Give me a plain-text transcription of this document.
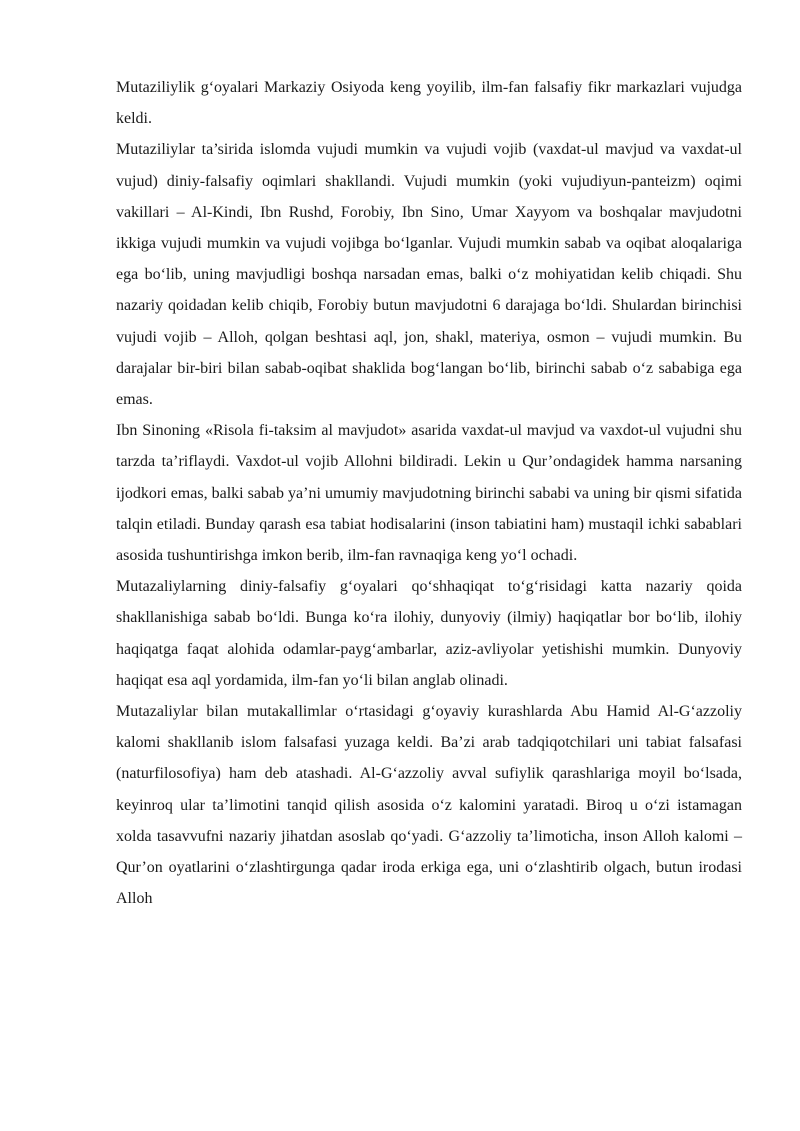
Mutaziliylik g‘oyalari Markaziy Osiyoda keng yoyilib, ilm-fan falsafiy fikr markazlari vujudga keldi.

Mutaziliylar ta’sirida islomda vujudi mumkin va vujudi vojib (vaxdat-ul mavjud va vaxdat-ul vujud) diniy-falsafiy oqimlari shakllandi. Vujudi mumkin (yoki vujudiyun-panteizm) oqimi vakillari – Al-Kindi, Ibn Rushd, Forobiy, Ibn Sino, Umar Xayyom va boshqalar mavjudotni ikkiga vujudi mumkin va vujudi vojibga bo‘lganlar. Vujudi mumkin sabab va oqibat aloqalariga ega bo‘lib, uning mavjudligi boshqa narsadan emas, balki o‘z mohiyatidan kelib chiqadi. Shu nazariy qoidadan kelib chiqib, Forobiy butun mavjudotni 6 darajaga bo‘ldi. Shulardan birinchisi vujudi vojib – Alloh, qolgan beshtasi aql, jon, shakl, materiya, osmon – vujudi mumkin. Bu darajalar bir-biri bilan sabab-oqibat shaklida bog‘langan bo‘lib, birinchi sabab o‘z sababiga ega emas.

Ibn Sinoning «Risola fi-taksim al mavjudot» asarida vaxdat-ul mavjud va vaxdot-ul vujudni shu tarzda ta’riflaydi. Vaxdot-ul vojib Allohni bildiradi. Lekin u Qur’ondagidek hamma narsaning ijodkori emas, balki sabab ya’ni umumiy mavjudotning birinchi sababi va uning bir qismi sifatida talqin etiladi. Bunday qarash esa tabiat hodisalarini (inson tabiatini ham) mustaqil ichki sabablari asosida tushuntirishga imkon berib, ilm-fan ravnaqiga keng yo‘l ochadi.

Mutazaliylarning diniy-falsafiy g‘oyalari qo‘shhaqiqat to‘g‘risidagi katta nazariy qoida shakllanishiga sabab bo‘ldi. Bunga ko‘ra ilohiy, dunyoviy (ilmiy) haqiqatlar bor bo‘lib, ilohiy haqiqatga faqat alohida odamlar-payg‘ambarlar, aziz-avliyolar yetishishi mumkin. Dunyoviy haqiqat esa aql yordamida, ilm-fan yo‘li bilan anglab olinadi.

Mutazaliylar bilan mutakallimlar o‘rtasidagi g‘oyaviy kurashlarda Abu Hamid Al-G‘azzoliy kalomi shakllanib islom falsafasi yuzaga keldi. Ba’zi arab tadqiqotchilari uni tabiat falsafasi (naturfilosofiya) ham deb atashadi. Al-G‘azzoliy avval sufiylik qarashlariga moyil bo‘lsada, keyinroq ular ta’limotini tanqid qilish asosida o‘z kalomini yaratadi. Biroq u o‘zi istamagan xolda tasavvufni nazariy jihatdan asoslab qo‘yadi. G‘azzoliy ta’limoticha, inson Alloh kalomi – Qur’on oyatlarini o‘zlashtirgunga qadar iroda erkiga ega, uni o‘zlashtirib olgach, butun irodasi Alloh
